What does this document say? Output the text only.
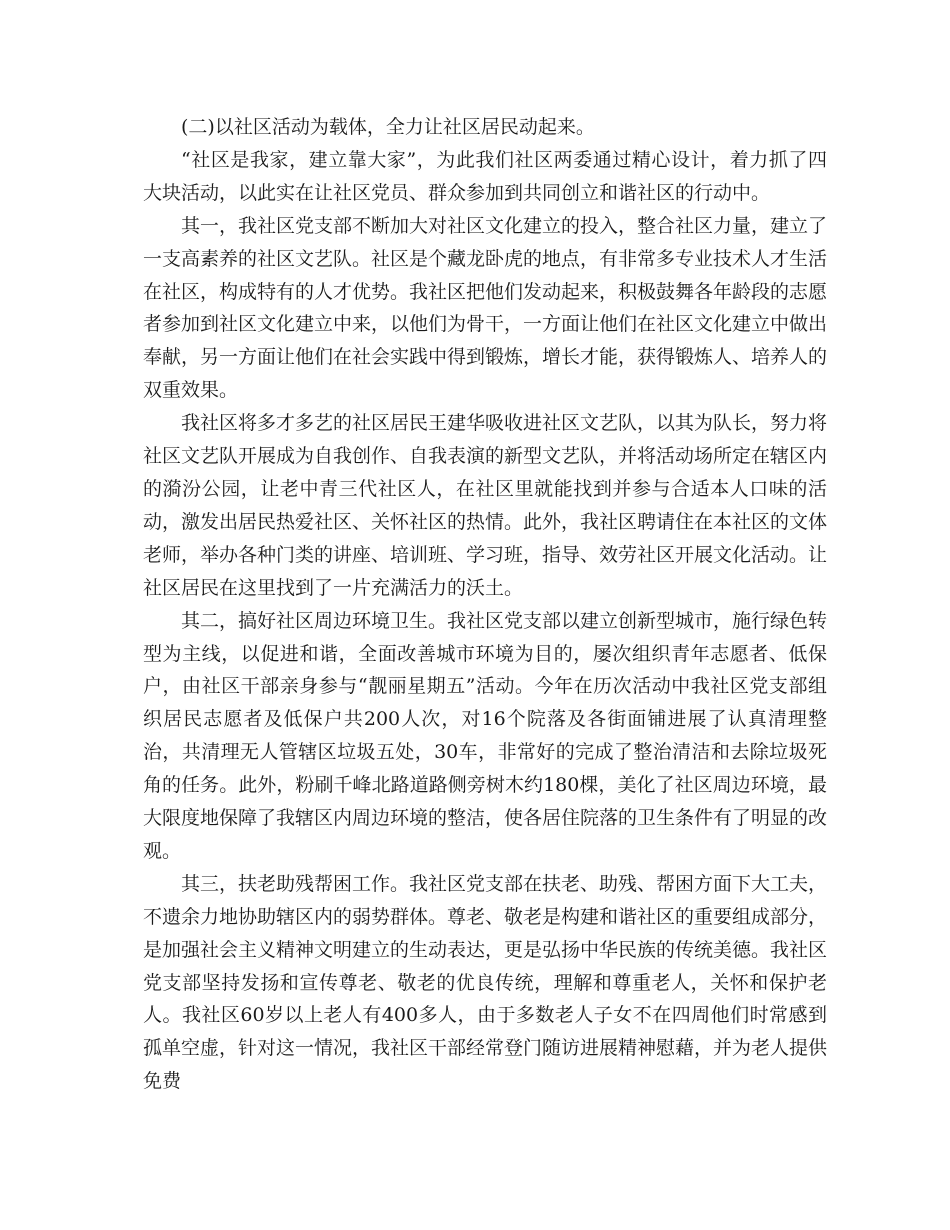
(二)以社区活动为载体，全力让社区居民动起来。

“社区是我家，建立靠大家”，为此我们社区两委通过精心设计，着力抓了四大块活动，以此实在让社区党员、群众参加到共同创立和谐社区的行动中。

其一，我社区党支部不断加大对社区文化建立的投入，整合社区力量，建立了一支高素养的社区文艺队。社区是个藏龙卧虎的地点，有非常多专业技术人才生活在社区，构成特有的人才优势。我社区把他们发动起来，积极鼓舞各年龄段的志愿者参加到社区文化建立中来，以他们为骨干，一方面让他们在社区文化建立中做出奉献，另一方面让他们在社会实践中得到锻炼，增长才能，获得锻炼人、培养人的双重效果。

我社区将多才多艺的社区居民王建华吸收进社区文艺队，以其为队长，努力将社区文艺队开展成为自我创作、自我表演的新型文艺队，并将活动场所定在辖区内的漪汾公园，让老中青三代社区人，在社区里就能找到并参与合适本人口味的活动，激发出居民热爱社区、关怀社区的热情。此外，我社区聘请住在本社区的文体老师，举办各种门类的讲座、培训班、学习班，指导、效劳社区开展文化活动。让社区居民在这里找到了一片充满活力的沃土。

其二，搞好社区周边环境卫生。我社区党支部以建立创新型城市，施行绿色转型为主线，以促进和谐，全面改善城市环境为目的，屡次组织青年志愿者、低保户，由社区干部亲身参与“靓丽星期五”活动。今年在历次活动中我社区党支部组织居民志愿者及低保户共200人次，对16个院落及各街面铺进展了认真清理整治，共清理无人管辖区垃圾五处，30车，非常好的完成了整治清洁和去除垃圾死角的任务。此外，粉刷千峰北路道路侧旁树木约180棵，美化了社区周边环境，最大限度地保障了我辖区内周边环境的整洁，使各居住院落的卫生条件有了明显的改观。

其三，扶老助残帮困工作。我社区党支部在扶老、助残、帮困方面下大工夫，不遗余力地协助辖区内的弱势群体。尊老、敬老是构建和谐社区的重要组成部分，是加强社会主义精神文明建立的生动表达，更是弘扬中华民族的传统美德。我社区党支部坚持发扬和宣传尊老、敬老的优良传统，理解和尊重老人，关怀和保护老人。我社区60岁以上老人有400多人，由于多数老人子女不在四周他们时常感到孤单空虚，针对这一情况，我社区干部经常登门随访进展精神慰藉，并为老人提供免费
